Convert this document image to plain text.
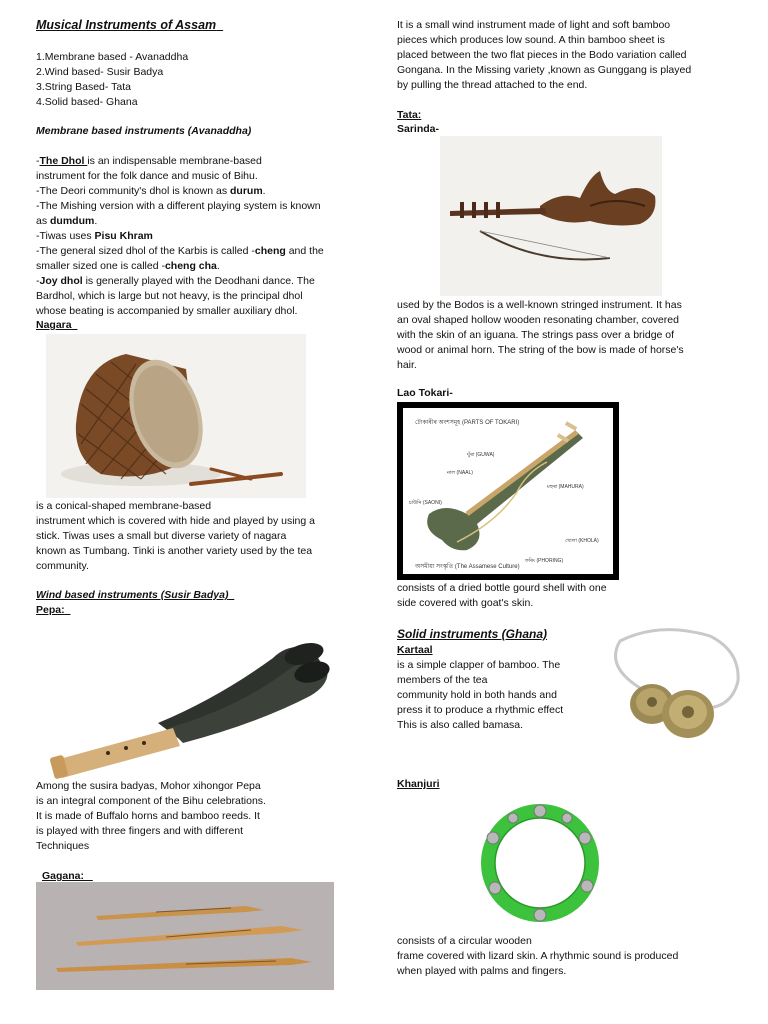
Musical Instruments of Assam
1.Membrane based - Avanaddha
2.Wind based- Susir Badya
3.String Based- Tata
4.Solid based- Ghana
Membrane based instruments (Avanaddha)
-The Dhol is an indispensable membrane-based
instrument for the folk dance and music of Bihu.
-The Deori community's dhol is known as durum.
-The Mishing version with a different playing system is known
as dumdum.
-Tiwas uses Pisu Khram
-The general sized dhol of the Karbis is called -cheng and the
smaller sized one is called -cheng cha.
-Joy dhol is generally played with the Deodhani dance. The
Bardhol, which is large but not heavy, is the principal dhol
whose beating is accompanied by smaller auxiliary dhol.
Nagara
is a conical-shaped membrane-based
instrument which is covered with hide and played by using a
stick. Tiwas uses a small but diverse variety of nagara
known as Tumbang. Tinki is another variety used by the tea
community.
Wind based instruments (Susir Badya)
Pepa:
Among the susira badyas, Mohor xihongor Pepa
is an integral component of the Bihu celebrations.
It is made of Buffalo horns and bamboo reeds. It
is played with three fingers and with different
Techniques
Gagana:
It is a small wind instrument made of light and soft bamboo
pieces which produces low sound. A thin bamboo sheet is
placed between the two flat pieces in the Bodo variation called
Gongana. In the Missing variety ,known as Gunggang is played
by pulling the thread attached to the end.
Tata:
Sarinda-
used by the Bodos is a well-known stringed instrument. It has
an oval shaped hollow wooden resonating chamber, covered
with the skin of an iguana. The strings pass over a bridge of
wood or animal horn. The string of the bow is made of horse's
hair.
Lao Tokari-
টোকাৰীৰ অংশসমূহ (PARTS OF TOKARI)
ঘুঁৰা (GUWA)
নাল (NAAL)
মহুৰা (MAHURA)
চাউনি (SAONI)
খোলা (KHOLA)
ফৰিং (PHORING)
অসমীয়া সংস্কৃতি (The Assamese Culture)
consists of a dried bottle gourd shell with one
side covered with goat's skin.
Solid instruments (Ghana)
Kartaal
is a simple clapper of bamboo. The
members of the tea
community hold in both hands and
press it to produce a rhythmic effect
This is also called bamasa.
Khanjuri
consists of a circular wooden
frame covered with lizard skin. A rhythmic sound is produced
when played with palms and fingers.
